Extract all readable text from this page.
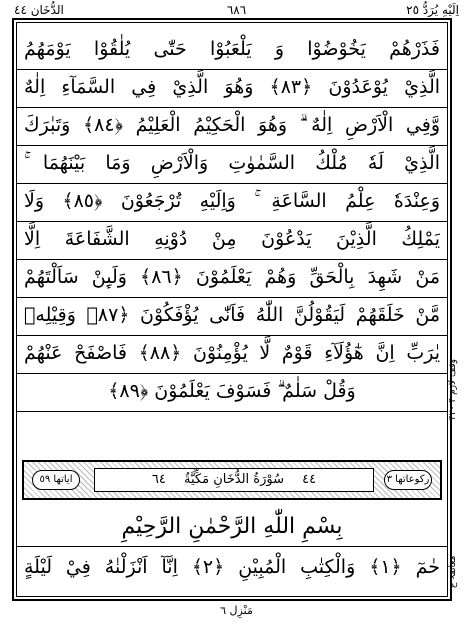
اِلَيْهِ يُرَدُّ ٢٥
٦٨٦
الدُّخَان ٤٤
فَذَرْهُمْ يَخُوْضُوْا وَ يَلْعَبُوْا حَتّٰى يُلٰقُوْا يَوْمَهُمُ
الَّذِيْ يُوْعَدُوْنَ ﴿٨٣﴾ وَهُوَ الَّذِيْ فِي السَّمَآءِ اِلٰهٌ
وَّفِي الْاَرْضِ اِلٰهٌ ۗ وَهُوَ الْحَكِيْمُ الْعَلِيْمُ ﴿٨٤﴾ وَتَبٰرَكَ
الَّذِيْ لَهٗ مُلْكُ السَّمٰوٰتِ وَالْاَرْضِ وَمَا بَيْنَهُمَا ۚ
وَعِنْدَهٗ عِلْمُ السَّاعَةِ ۚ وَاِلَيْهِ تُرْجَعُوْنَ ﴿٨٥﴾ وَلَا
يَمْلِكُ الَّذِيْنَ يَدْعُوْنَ مِنْ دُوْنِهِ الشَّفَاعَةَ اِلَّا
مَنْ شَهِدَ بِالْحَقِّ وَهُمْ يَعْلَمُوْنَ ﴿٨٦﴾ وَلَىِٕنْ سَاَلْتَهُمْ
مَّنْ خَلَقَهُمْ لَيَقُوْلُنَّ اللّٰهُ فَاَنّٰى يُؤْفَكُوْنَ ﴿٨٧﴾ وَقِيْلِهٖ
يٰرَبِّ اِنَّ هٰٓؤُلَآءِ قَوْمٌ لَّا يُؤْمِنُوْنَ ﴿٨٨﴾ فَاصْفَحْ عَنْهُمْ
وَقُلْ سَلٰمٌ ۗ فَسَوْفَ يَعْلَمُوْنَ ﴿٨٩﴾
وقف لازم ۴ ۴۲۰
معانقہ ع
اياتها ٥٩	٤٤ سُوْرَةُ الدُّخَانِ مَكِّيَّةٌ ٦٤	ركوعاتها ٣
بِسْمِ اللّٰهِ الرَّحْمٰنِ الرَّحِيْمِ
حٰمٓ ﴿١﴾ وَالْكِتٰبِ الْمُبِيْنِ ﴿٢﴾ اِنَّآ اَنْزَلْنٰهُ فِيْ لَيْلَةٍ
مَنْزِل ٦
